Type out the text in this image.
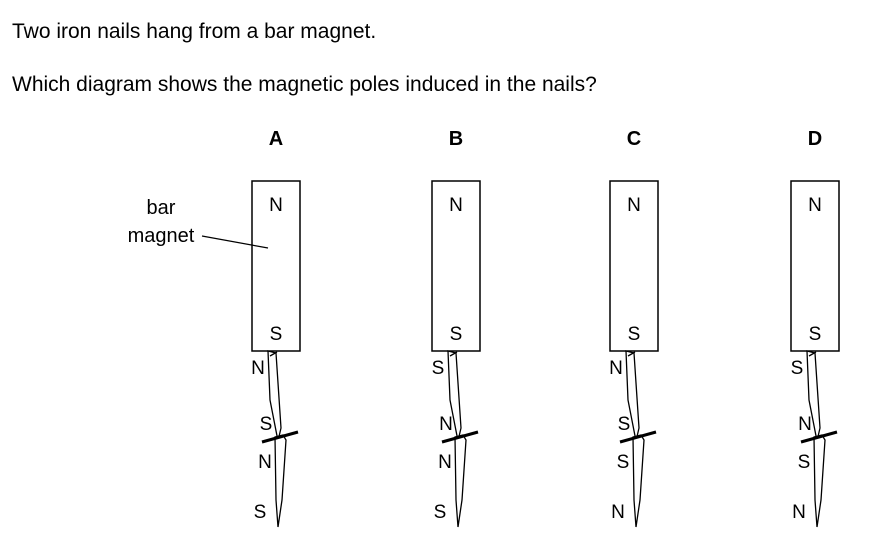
Two iron nails hang from a bar magnet.
Which diagram shows the magnetic poles induced in the nails?
bar
magnet
A
N
S
N
S
N
S
B
N
S
S
N
N
S
C
N
S
N
S
S
N
D
N
S
S
N
S
N
